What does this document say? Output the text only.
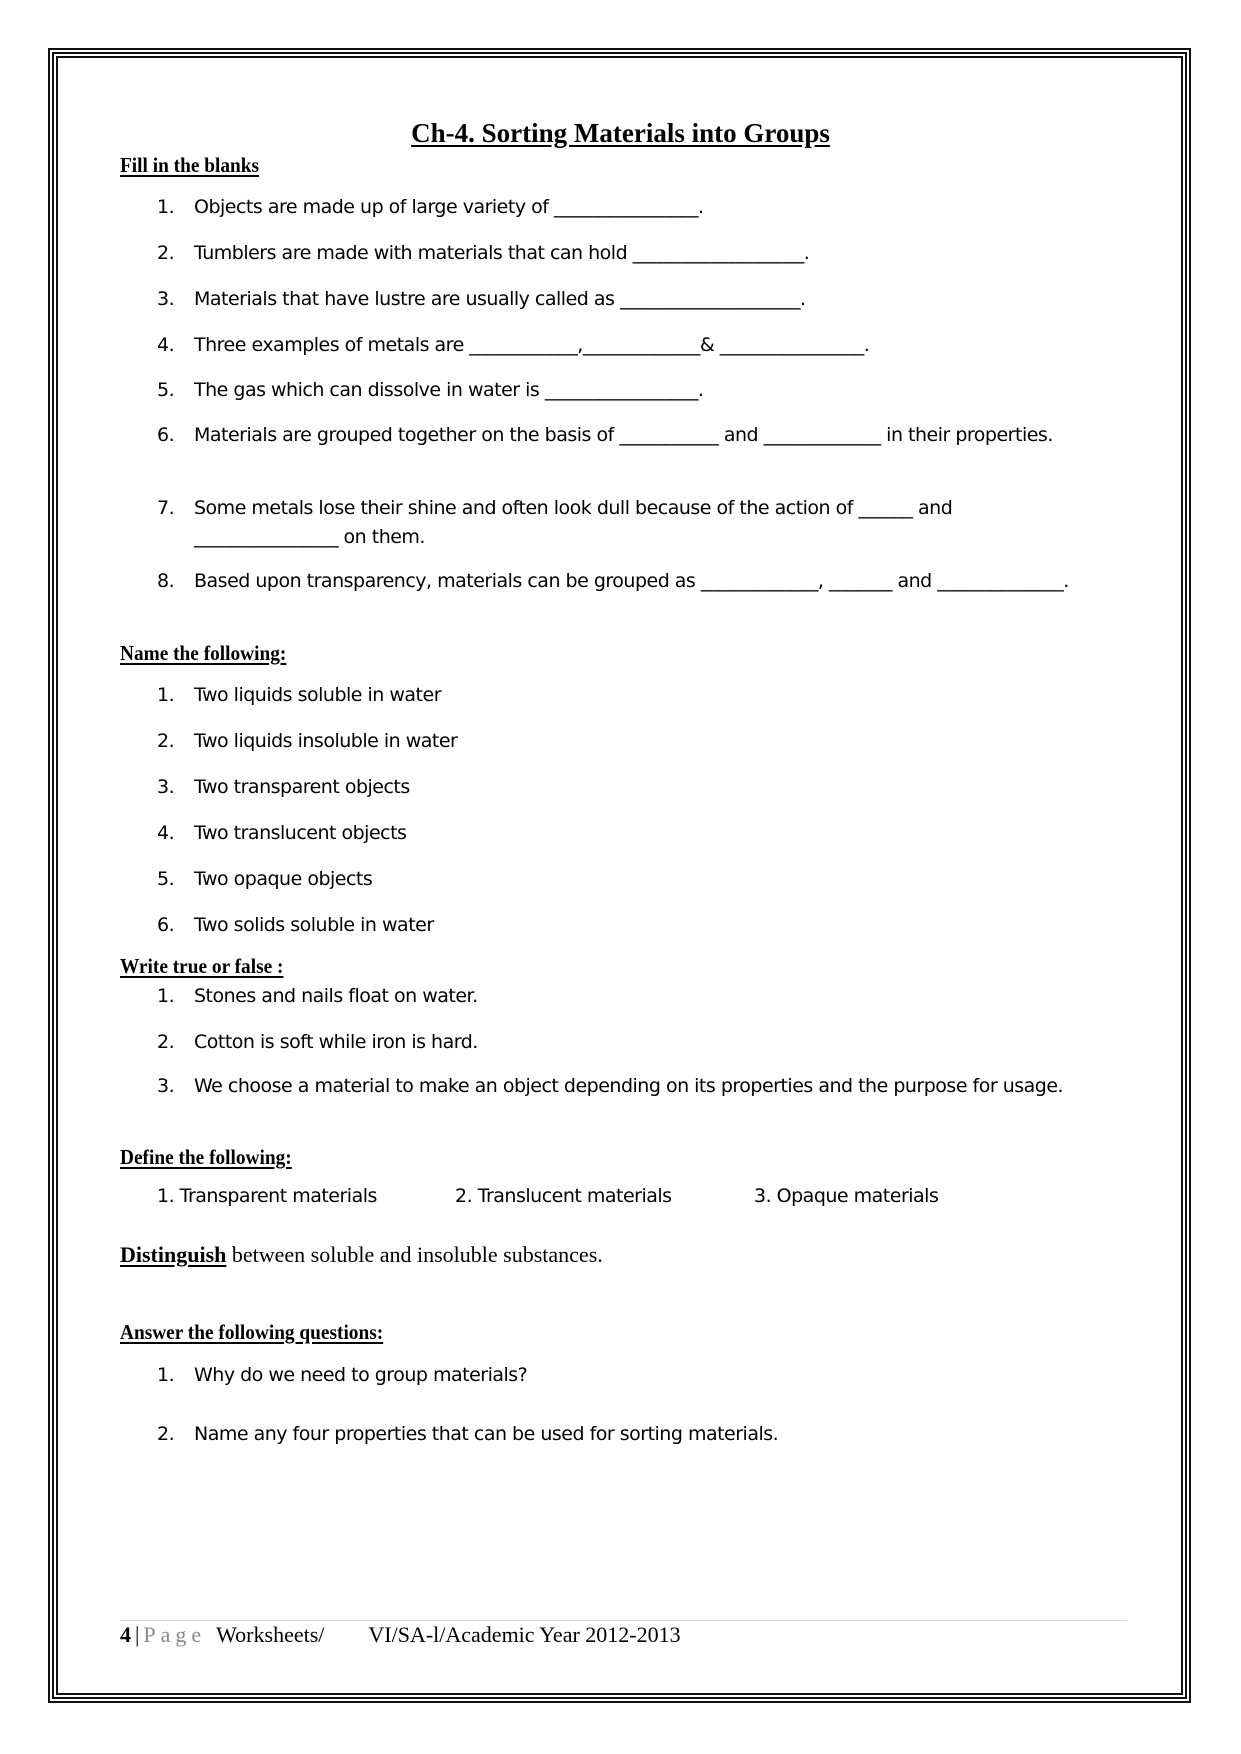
Ch-4. Sorting Materials into Groups
Fill in the blanks
1. Objects are made up of large variety of ________________.
2. Tumblers are made with materials that can hold ___________________.
3. Materials that have lustre are usually called as ____________________.
4. Three examples of metals are ____________,_____________& ________________.
5. The gas which can dissolve in water is _________________.
6. Materials are grouped together on the basis of ___________ and _____________ in their properties.
7. Some metals lose their shine and often look dull because of the action of ______ and ________________ on them.
8. Based upon transparency, materials can be grouped as _____________, _______ and ______________.
Name the following:
1. Two liquids soluble in water
2. Two liquids insoluble in water
3. Two transparent objects
4. Two translucent objects
5. Two opaque objects
6. Two solids soluble in water
Write true or false :
1. Stones and nails float on water.
2. Cotton is soft while iron is hard.
3. We choose a material to make an object depending on its properties and the purpose for usage.
Define the following:
1. Transparent materials	2. Translucent materials	3. Opaque materials
Distinguish between soluble and insoluble substances.
Answer the following questions:
1. Why do we need to group materials?
2. Name any four properties that can be used for sorting materials.
4 | Page Worksheets/ VI/SA-l/Academic Year 2012-2013
